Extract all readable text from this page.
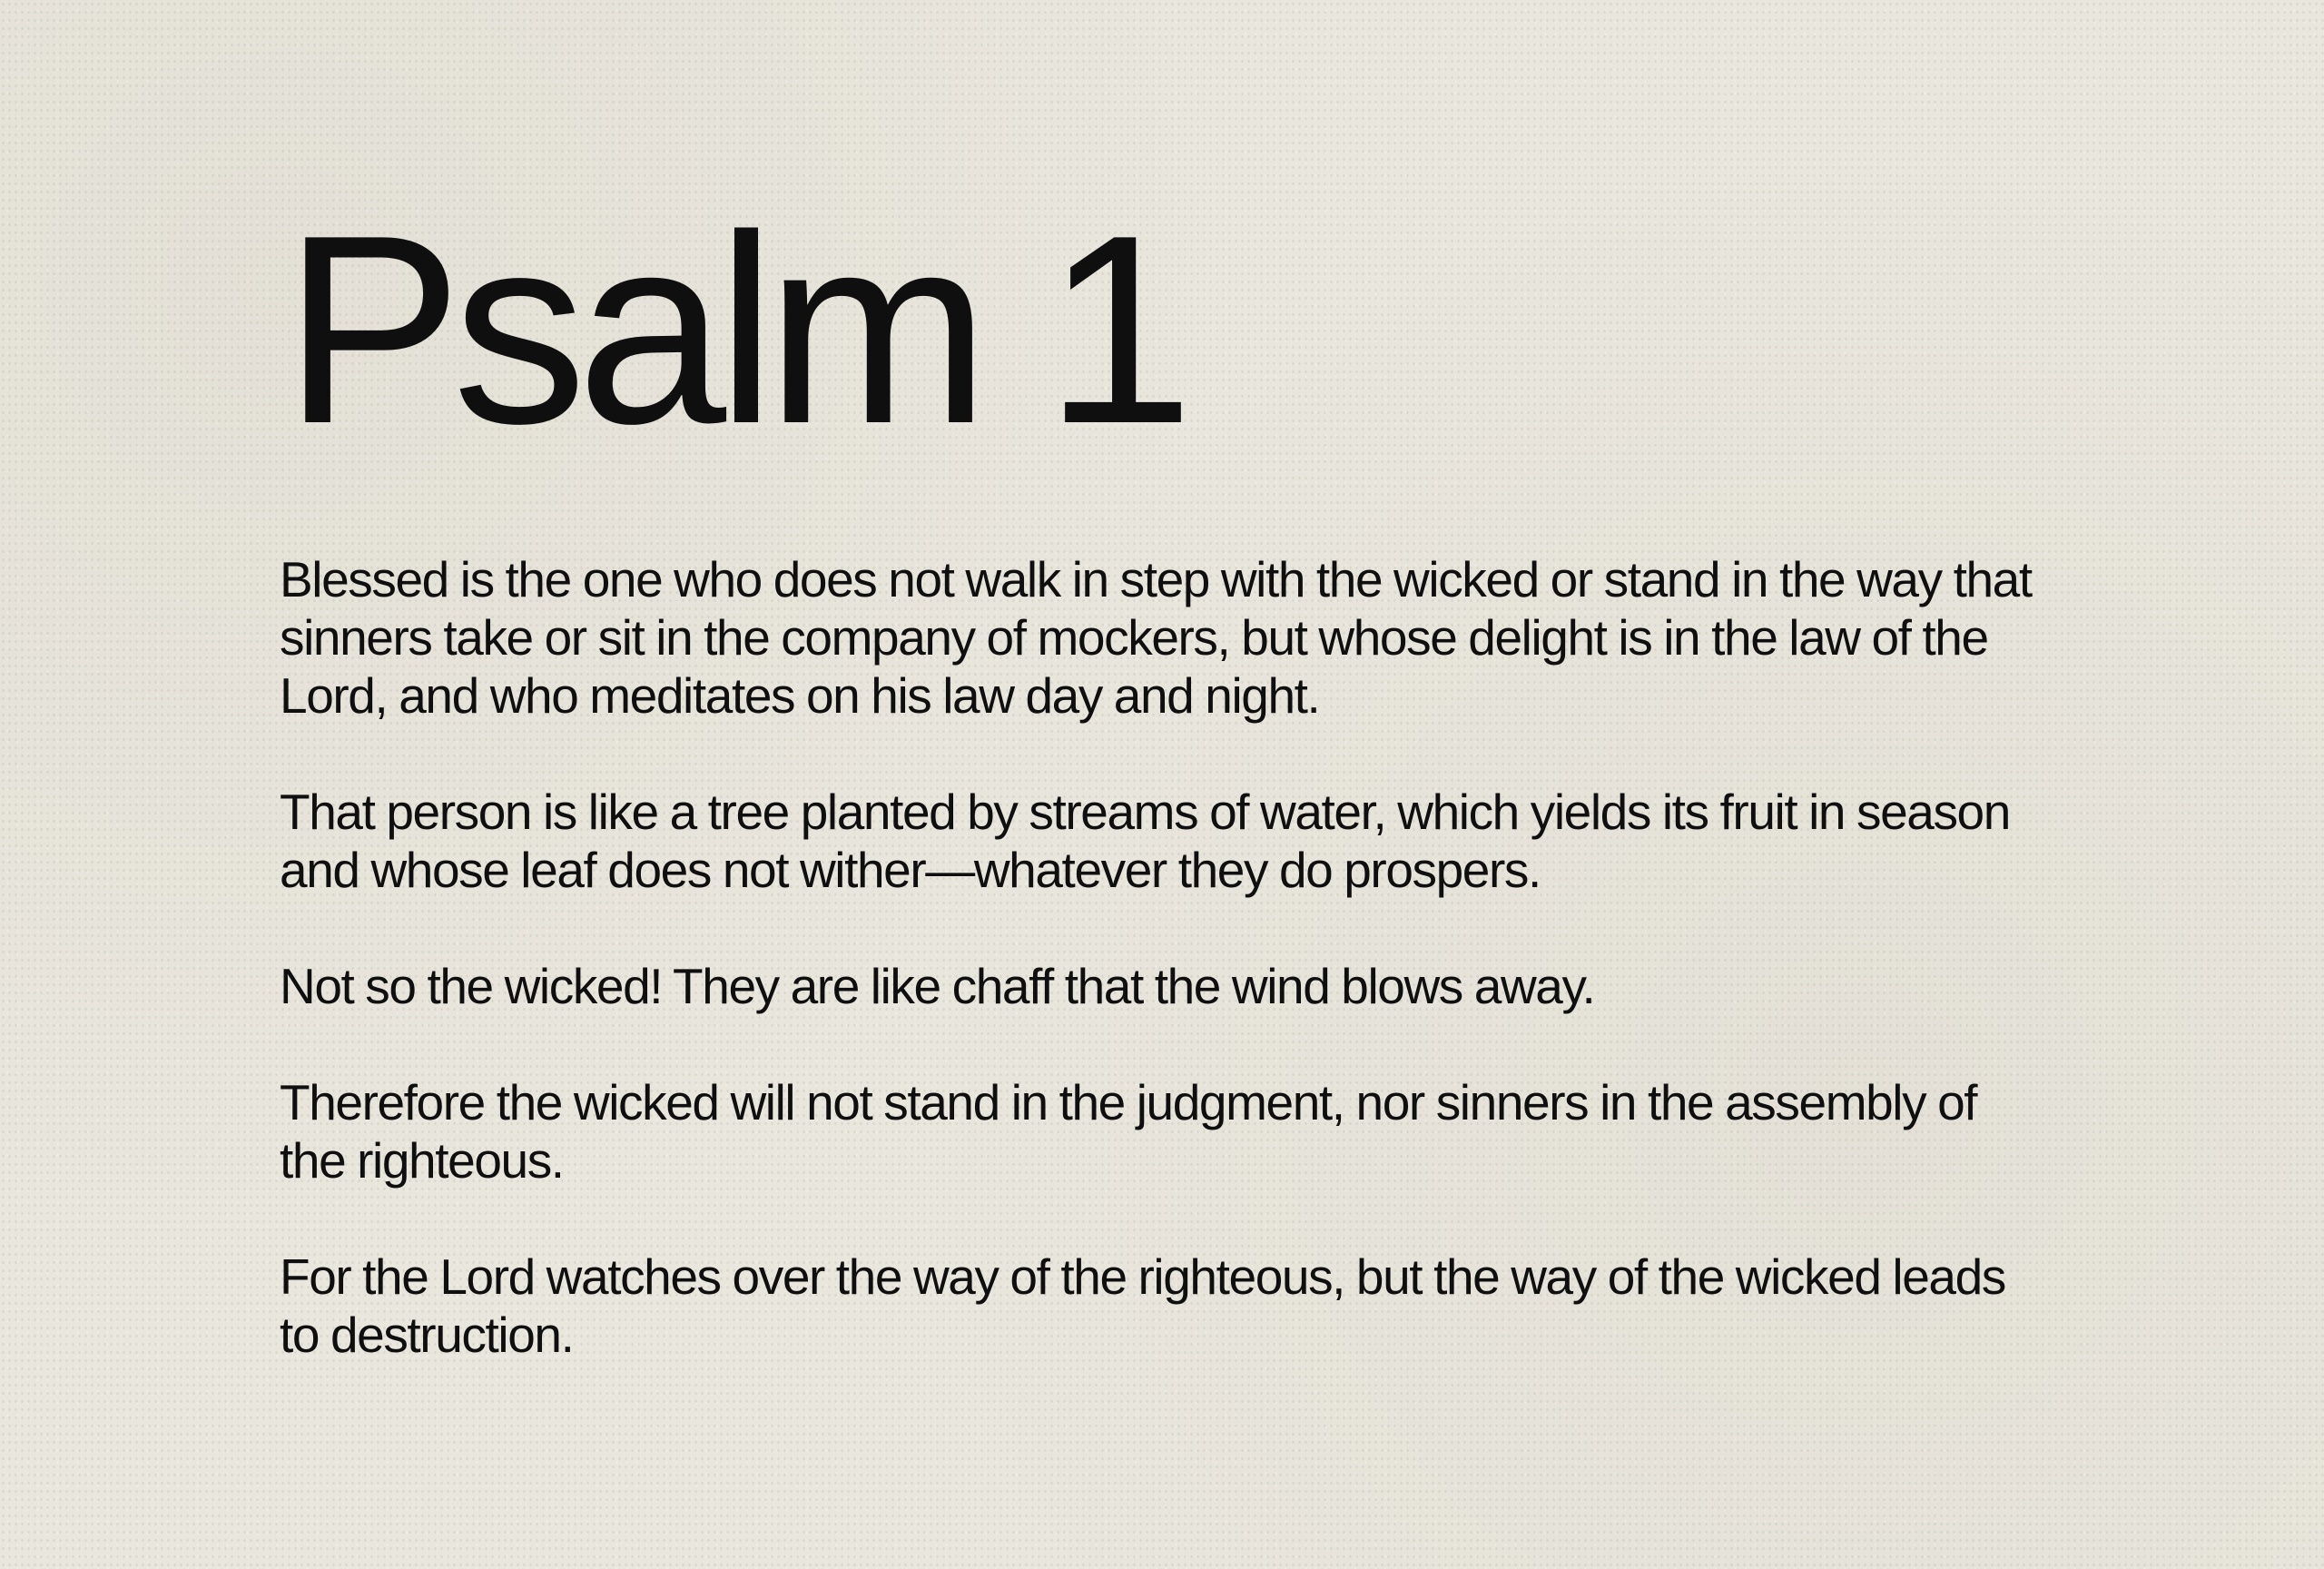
Psalm 1

Blessed is the one who does not walk in step with the wicked or stand in the way that sinners take or sit in the company of mockers, but whose delight is in the law of the Lord, and who meditates on his law day and night.

That person is like a tree planted by streams of water, which yields its fruit in season and whose leaf does not wither—whatever they do prospers.

Not so the wicked! They are like chaff that the wind blows away.

Therefore the wicked will not stand in the judgment, nor sinners in the assembly of the righteous.

For the Lord watches over the way of the righteous, but the way of the wicked leads to destruction.
